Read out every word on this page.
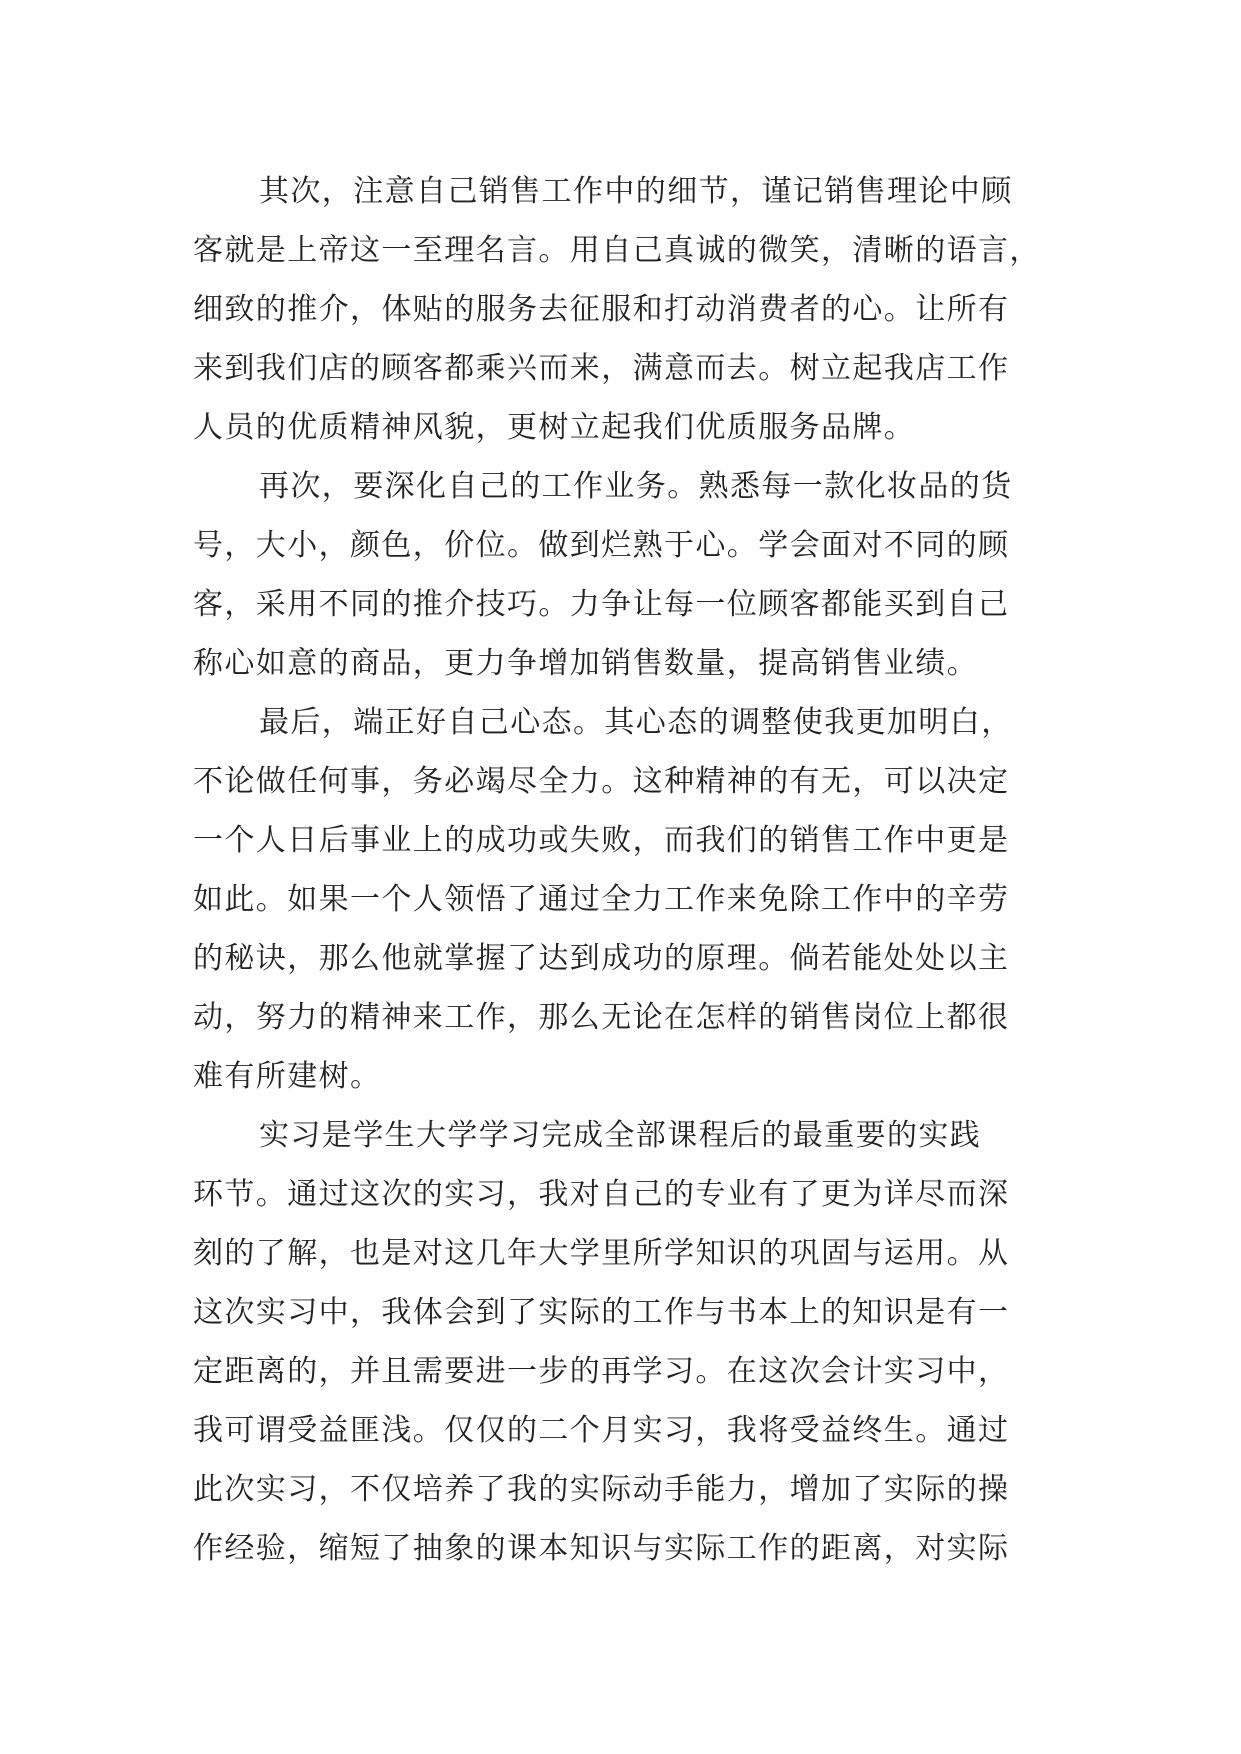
其次，注意自己销售工作中的细节，谨记销售理论中顾
客就是上帝这一至理名言。用自己真诚的微笑，清晰的语言，
细致的推介，体贴的服务去征服和打动消费者的心。让所有
来到我们店的顾客都乘兴而来，满意而去。树立起我店工作
人员的优质精神风貌，更树立起我们优质服务品牌。
再次，要深化自己的工作业务。熟悉每一款化妆品的货
号，大小，颜色，价位。做到烂熟于心。学会面对不同的顾
客，采用不同的推介技巧。力争让每一位顾客都能买到自己
称心如意的商品，更力争增加销售数量，提高销售业绩。
最后，端正好自己心态。其心态的调整使我更加明白，
不论做任何事，务必竭尽全力。这种精神的有无，可以决定
一个人日后事业上的成功或失败，而我们的销售工作中更是
如此。如果一个人领悟了通过全力工作来免除工作中的辛劳
的秘诀，那么他就掌握了达到成功的原理。倘若能处处以主
动，努力的精神来工作，那么无论在怎样的销售岗位上都很
难有所建树。
实习是学生大学学习完成全部课程后的最重要的实践
环节。通过这次的实习，我对自己的专业有了更为详尽而深
刻的了解，也是对这几年大学里所学知识的巩固与运用。从
这次实习中，我体会到了实际的工作与书本上的知识是有一
定距离的，并且需要进一步的再学习。在这次会计实习中，
我可谓受益匪浅。仅仅的二个月实习，我将受益终生。通过
此次实习，不仅培养了我的实际动手能力，增加了实际的操
作经验，缩短了抽象的课本知识与实际工作的距离，对实际
